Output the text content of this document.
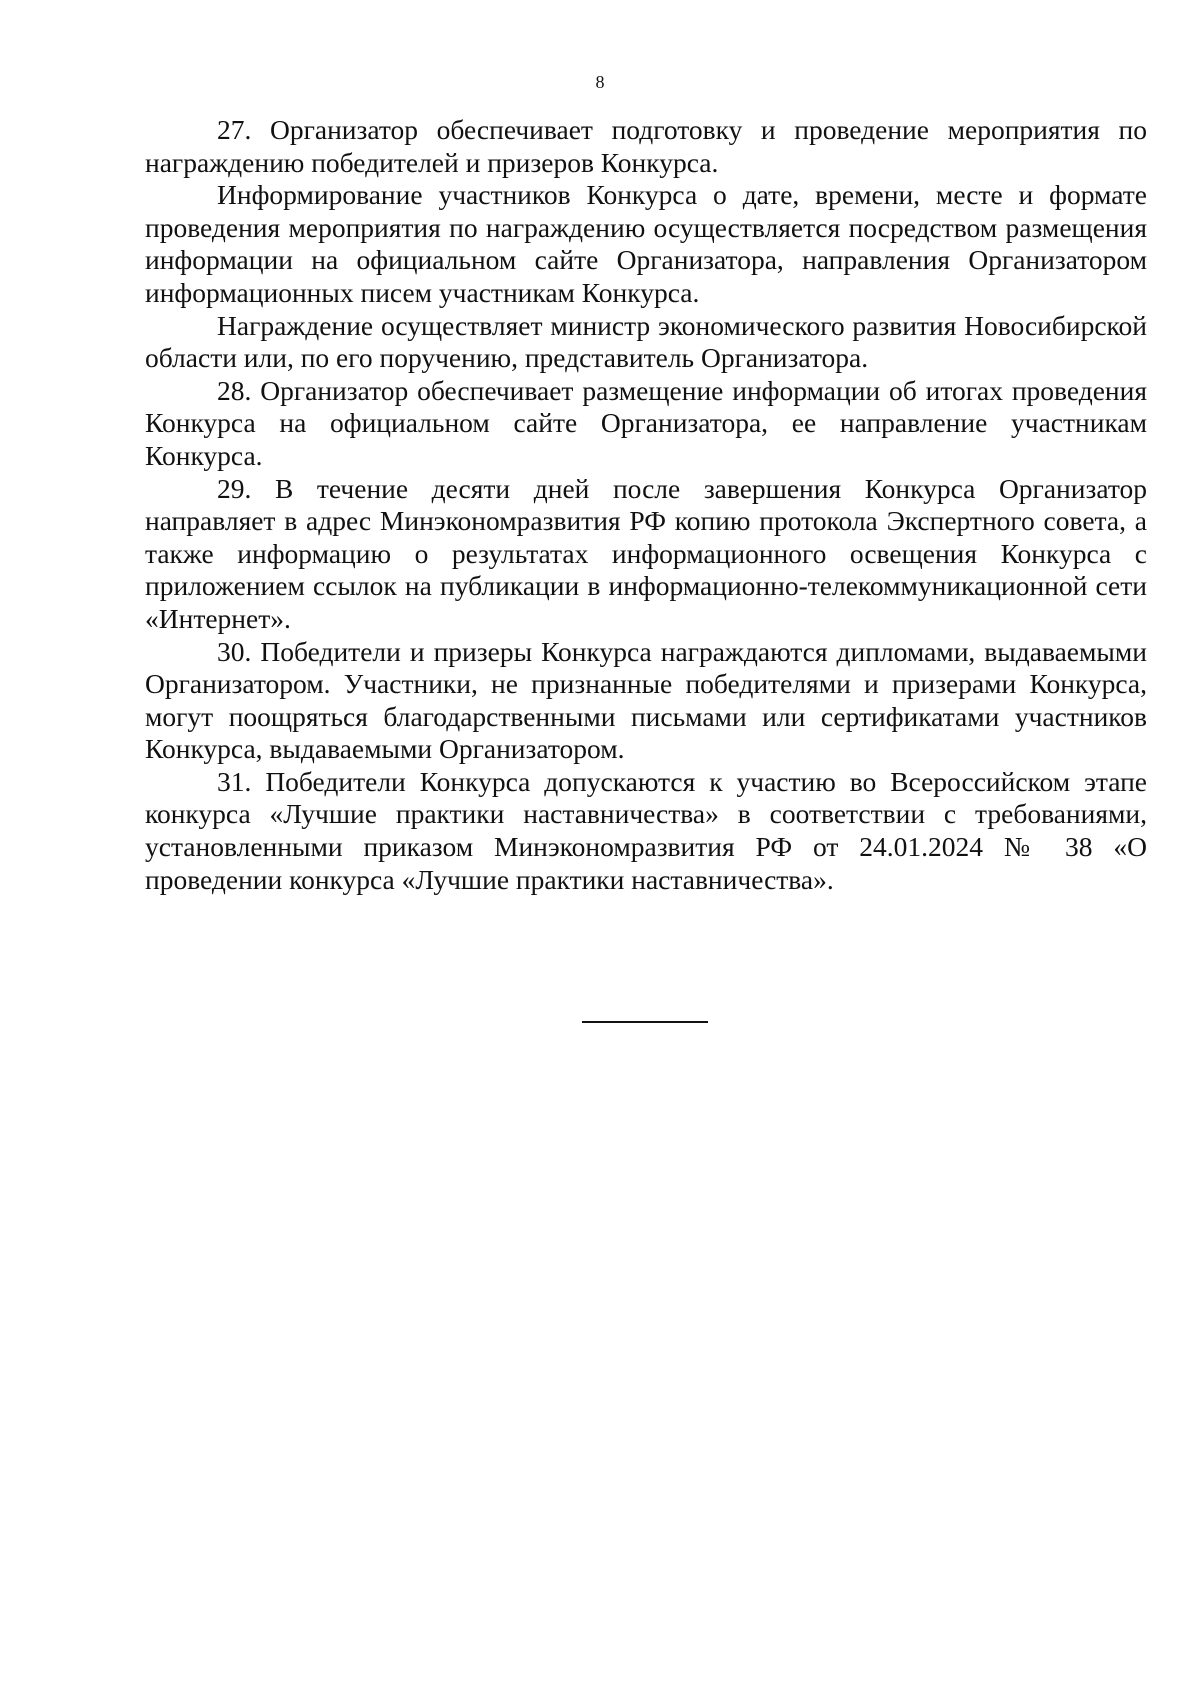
8

27. Организатор обеспечивает подготовку и проведение мероприятия по награждению победителей и призеров Конкурса.

Информирование участников Конкурса о дате, времени, месте и формате проведения мероприятия по награждению осуществляется посредством размещения информации на официальном сайте Организатора, направления Организатором информационных писем участникам Конкурса.

Награждение осуществляет министр экономического развития Новосибирской области или, по его поручению, представитель Организатора.

28. Организатор обеспечивает размещение информации об итогах проведения Конкурса на официальном сайте Организатора, ее направление участникам Конкурса.

29. В течение десяти дней после завершения Конкурса Организатор направляет в адрес Минэкономразвития РФ копию протокола Экспертного совета, а также информацию о результатах информационного освещения Конкурса с приложением ссылок на публикации в информационно-телекоммуникационной сети «Интернет».

30. Победители и призеры Конкурса награждаются дипломами, выдаваемыми Организатором. Участники, не признанные победителями и призерами Конкурса, могут поощряться благодарственными письмами или сертификатами участников Конкурса, выдаваемыми Организатором.

31. Победители Конкурса допускаются к участию во Всероссийском этапе конкурса «Лучшие практики наставничества» в соответствии с требованиями, установленными приказом Минэкономразвития РФ от 24.01.2024 № 38 «О проведении конкурса «Лучшие практики наставничества».
